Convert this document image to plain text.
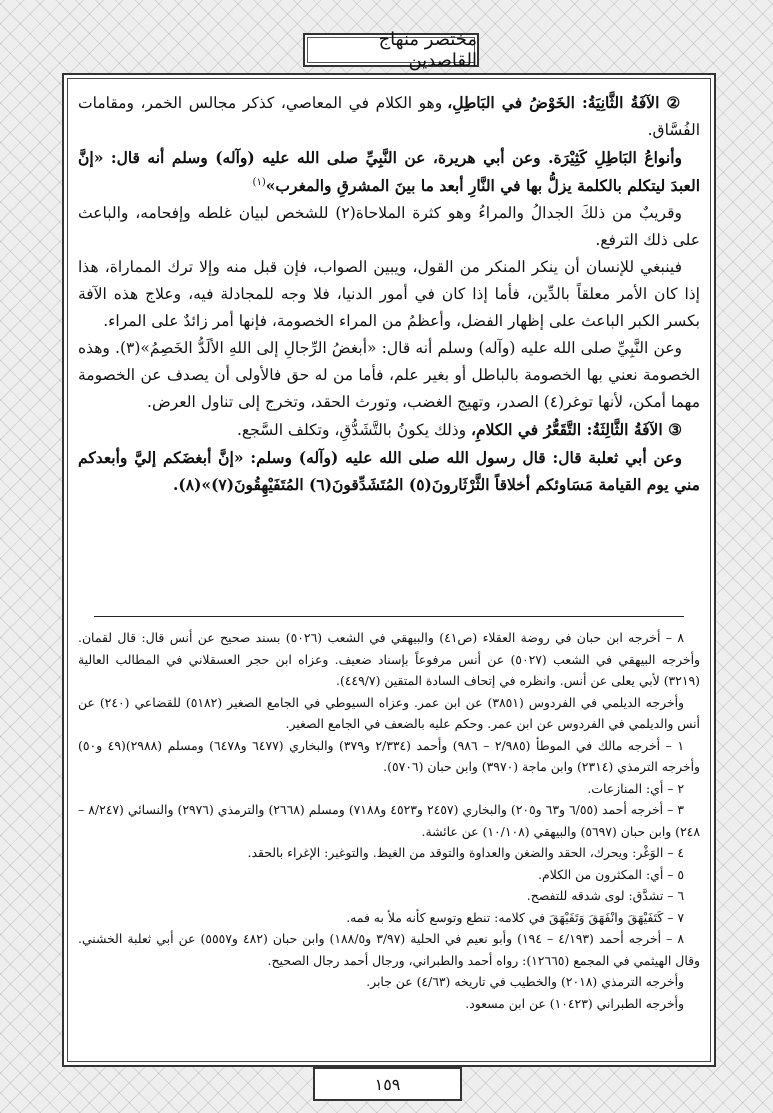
مختصر منهاج القاصدين

② الآفَةُ الثَّانِيَةُ: الخَوْضُ في البَاطِلِ، وهو الكلام في المعاصي، كذكر مجالس الخمر، ومقامات الفُسَّاق.

وأنواعُ البَاطِلِ كَثِيْرَة. وعن أبي هريرة، عن النَّبِيِّ صلى الله عليه (وآله) وسلم أنه قال: «إنَّ العبدَ ليتكلم بالكلمة يزلُّ بها في النَّارِ أبعد ما بينَ المشرقِ والمغرب»$^{(١)}$

وقريبٌ من ذلكَ الجدالُ والمراءُ وهو كثرة الملاحاة(٢) للشخص لبيان غلطه وإفحامه، والباعث على ذلك الترفع.

فينبغي للإنسان أن ينكر المنكر من القول، ويبين الصواب، فإن قبل منه وإلا ترك المماراة، هذا إذا كان الأمر معلقاً بالدِّين، فأما إذا كان في أمور الدنيا، فلا وجه للمجادلة فيه، وعلاج هذه الآفة بكسر الكبر الباعث على إظهار الفضل، وأعظمُ من المراء الخصومة، فإنها أمر زائدٌ على المراء.

وعن النَّبِيِّ صلى الله عليه (وآله) وسلم أنه قال: «أبغضُ الرِّجالِ إلى اللهِ الألَدُّ الخَصِمُ»(٣). وهذه الخصومة نعني بها الخصومة بالباطل أو بغير علم، فأما من له حق فالأولى أن يصدف عن الخصومة مهما أمكن، لأنها توغر(٤) الصدر، وتهيج الغضب، وتورث الحقد، وتخرج إلى تناول العرض.

③ الآفَةُ الثَّالِثَةُ: التَّقَعُّرُ في الكلامِ، وذلك يكونُ بالتَّشَدُّقِ، وتكلف السَّجع.

وعن أبي ثعلبة قال: قال رسول الله صلى الله عليه (وآله) وسلم: «إنَّ أبغضَكم إليَّ وأبعدكم مني يوم القيامة مَسَاوئكم أخلاقاً الثَّرْثَارونَ(٥) المُتَشَدِّقونَ(٦) المُتَفَيْهِقُونَ(٧)»(٨).

٨ – أخرجه ابن حبان في روضة العقلاء (ص٤١) والبيهقي في الشعب (٥٠٢٦) بسند صحيح عن أنس قال: قال لقمان. وأخرجه البيهقي في الشعب (٥٠٢٧) عن أنس مرفوعاً بإسناد ضعيف. وعزاه ابن حجر العسقلاني في المطالب العالية (٣٢١٩) لأبي يعلى عن أنس. وانظره في إتحاف السادة المتقين (٤٤٩/٧).

وأخرجه الديلمي في الفردوس (٣٨٥١) عن ابن عمر. وعزاه السيوطي في الجامع الصغير (٥١٨٢) للقضاعي (٢٤٠) عن أنس والديلمي في الفردوس عن ابن عمر. وحكم عليه بالضعف في الجامع الصغير.

١ – أخرجه مالك في الموطأ (٢/٩٨٥ – ٩٨٦) وأحمد (٢/٣٣٤ و٣٧٩) والبخاري (٦٤٧٧ و٦٤٧٨) ومسلم (٢٩٨٨)(٤٩ و٥٠) وأخرجه الترمذي (٢٣١٤) وابن ماجة (٣٩٧٠) وابن حبان (٥٧٠٦).

٢ – أي: المنازعات.

٣ – أخرجه أحمد (٦/٥٥ و٦٣ و٢٠٥) والبخاري (٢٤٥٧ و٤٥٢٣ و٧١٨٨) ومسلم (٢٦٦٨) والترمذي (٢٩٧٦) والنسائي (٨/٢٤٧ – ٢٤٨) وابن حبان (٥٦٩٧) والبيهقي (١٠/١٠٨) عن عائشة.

٤ – الوَغْر: ويحرك، الحقد والضغن والعداوة والتوقد من الغيظ. والتوغير: الإغراء بالحقد.

٥ – أي: المكثرون من الكلام.

٦ – تشدَّق: لوى شدقه للتفصح.

٧ – كَتَفَيْهَقَ وانْفَهَقَ وَتَفَيْهَقَ في كلامه: تنطع وتوسع كأنه ملأ به فمه.

٨ – أخرجه أحمد (٤/١٩٣ – ١٩٤) وأبو نعيم في الحلية (٣/٩٧ و١٨٨/٥) وابن حبان (٤٨٢ و٥٥٥٧) عن أبي ثعلبة الخشني. وقال الهيثمي في المجمع (١٢٦٦٥): رواه أحمد والطبراني، ورجال أحمد رجال الصحيح.

وأخرجه الترمذي (٢٠١٨) والخطيب في تاريخه (٤/٦٣) عن جابر.

وأخرجه الطبراني (١٠٤٢٣) عن ابن مسعود.

١٥٩
